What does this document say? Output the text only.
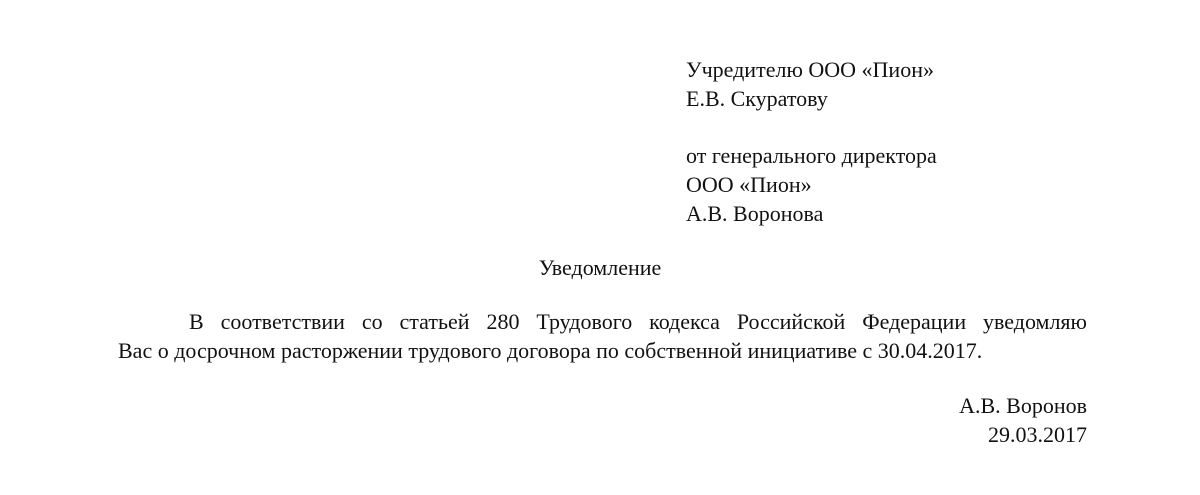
Учредителю ООО «Пион»
Е.В. Скуратову
от генерального директора
ООО «Пион»
А.В. Воронова
Уведомление
В соответствии со статьей 280 Трудового кодекса Российской Федерации уведомляю
Вас о досрочном расторжении трудового договора по собственной инициативе с 30.04.2017.
А.В. Воронов
29.03.2017
